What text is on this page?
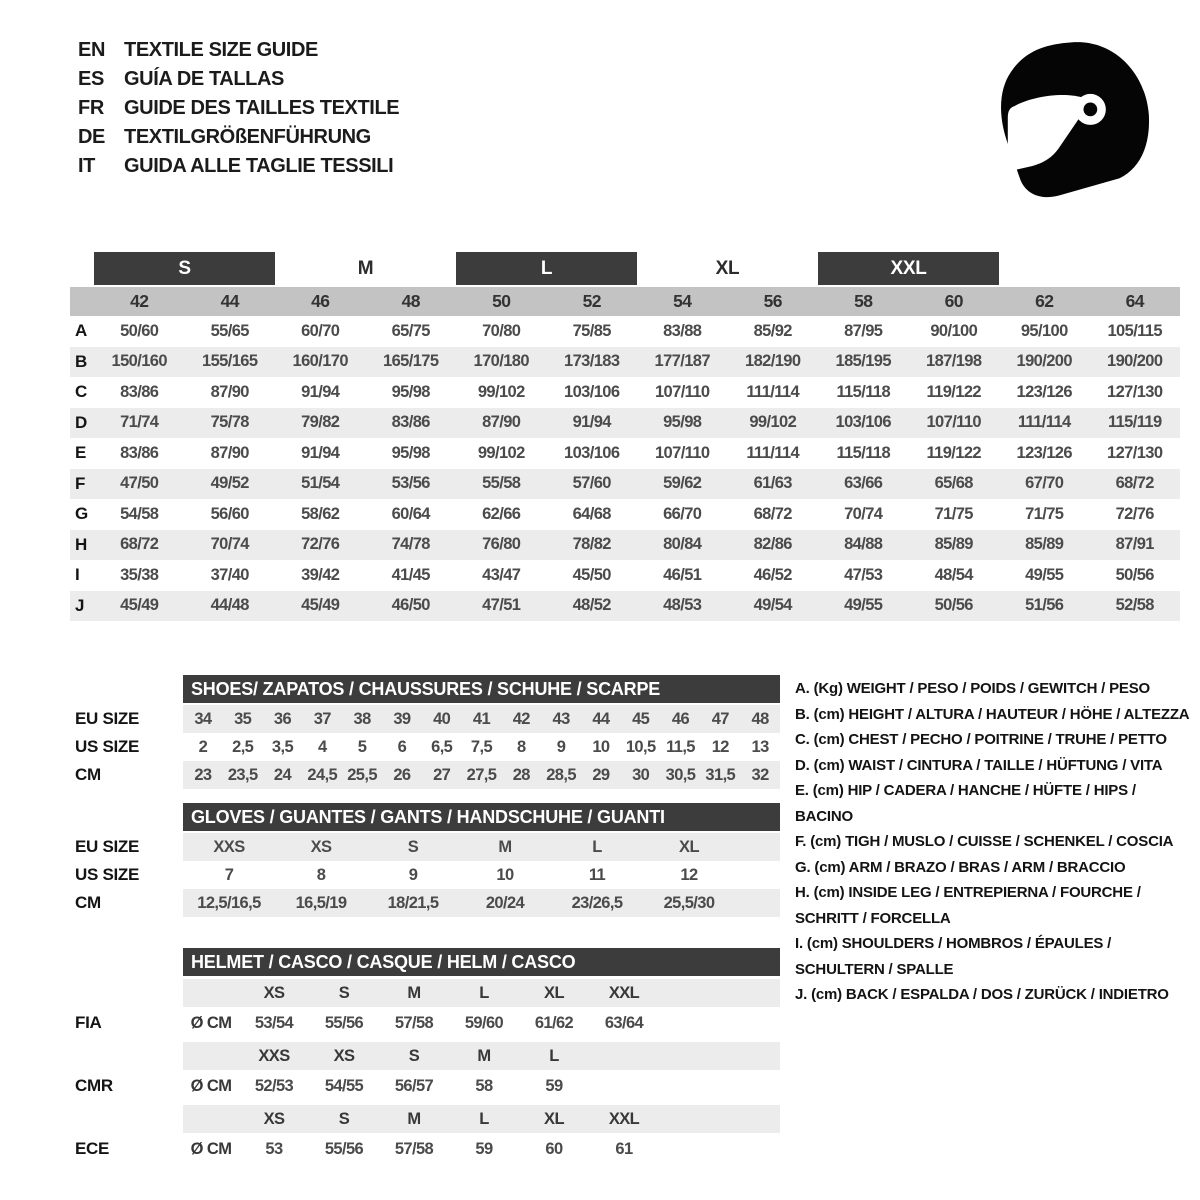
EN TEXTILE SIZE GUIDE
ES	GUÍA DE TALLAS
FR	GUIDE DES TAILLES TEXTILE
DE TEXTILGRÖßENFÜHRUNG
IT	GUIDA ALLE TAGLIE TESSILI
S	M	L	XL	XXL
42	44	46	48	50	52	54	56	58	60	62	64
A	50/60	55/65	60/70	65/75	70/80	75/85	83/88	85/92	87/95	90/100	95/100	105/115
B	150/160	155/165	160/170	165/175	170/180	173/183	177/187	182/190	185/195	187/198	190/200	190/200
C	83/86	87/90	91/94	95/98	99/102	103/106	107/110	111/114	115/118	119/122	123/126	127/130
D	71/74	75/78	79/82	83/86	87/90	91/94	95/98	99/102	103/106	107/110	111/114	115/119
E	83/86	87/90	91/94	95/98	99/102	103/106	107/110	111/114	115/118	119/122	123/126	127/130
F	47/50	49/52	51/54	53/56	55/58	57/60	59/62	61/63	63/66	65/68	67/70	68/72
G	54/58	56/60	58/62	60/64	62/66	64/68	66/70	68/72	70/74	71/75	71/75	72/76
H	68/72	70/74	72/76	74/78	76/80	78/82	80/84	82/86	84/88	85/89	85/89	87/91
I	35/38	37/40	39/42	41/45	43/47	45/50	46/51	46/52	47/53	48/54	49/55	50/56
J	45/49	44/48	45/49	46/50	47/51	48/52	48/53	49/54	49/55	50/56	51/56	52/58
SHOES/ ZAPATOS / CHAUSSURES / SCHUHE / SCARPE
EU SIZE	34	35	36	37	38	39	40	41	42	43	44	45	46	47	48
US SIZE	2	2,5	3,5	4	5	6	6,5	7,5	8	9	10 10,5 11,5	12	13
CM	23 23,5 24 24,5 25,5 26	27 27,5 28 28,5 29	30 30,5 31,5 32
GLOVES / GUANTES / GANTS / HANDSCHUHE / GUANTI
EU SIZE	XXS	XS	S	M	L	XL
US SIZE	7	8	9	10	11	12
CM	12,5/16,5	16,5/19	18/21,5	20/24	23/26,5	25,5/30
HELMET / CASCO / CASQUE / HELM / CASCO
XS	S	M	L	XL	XXL
FIA	Ø CM	53/54	55/56	57/58	59/60	61/62	63/64
XXS	XS	S	M	L
CMR	Ø CM	52/53	54/55	56/57	58	59
XS	S	M	L	XL	XXL
ECE	Ø CM	53	55/56	57/58	59	60	61
A. (Kg) WEIGHT / PESO / POIDS / GEWITCH / PESO
B. (cm) HEIGHT / ALTURA / HAUTEUR / HÖHE / ALTEZZA
C. (cm) CHEST / PECHO / POITRINE / TRUHE / PETTO
D. (cm) WAIST / CINTURA / TAILLE / HÜFTUNG / VITA
E. (cm) HIP / CADERA / HANCHE / HÜFTE / HIPS / BACINO
F. (cm) TIGH / MUSLO / CUISSE / SCHENKEL / COSCIA
G. (cm) ARM / BRAZO / BRAS / ARM / BRACCIO
H. (cm) INSIDE LEG / ENTREPIERNA / FOURCHE / SCHRITT / FORCELLA
I. (cm) SHOULDERS / HOMBROS / ÉPAULES / SCHULTERN / SPALLE
J. (cm) BACK / ESPALDA / DOS / ZURÜCK / INDIETRO
